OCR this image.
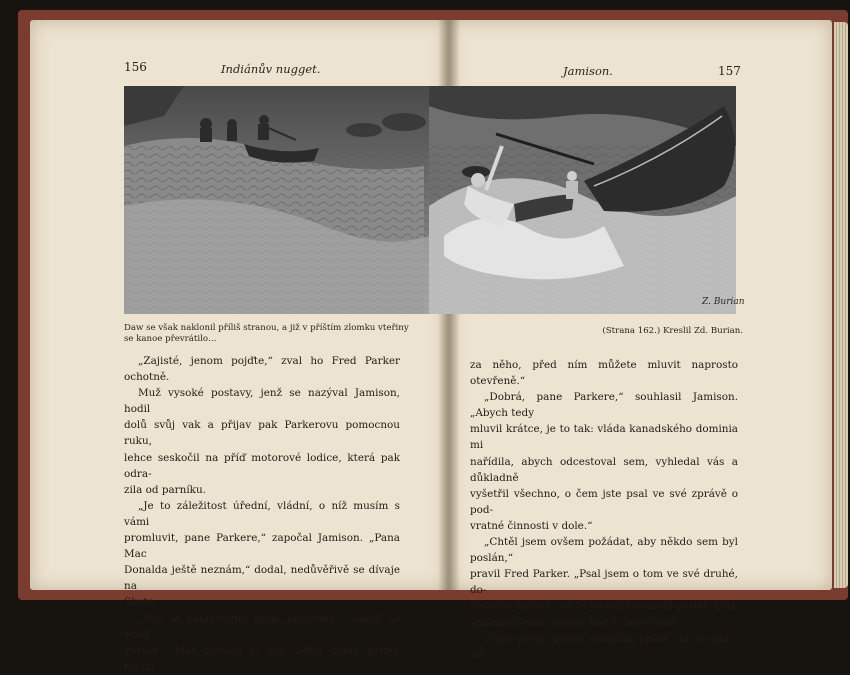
156	Indiánův nugget.	Jamison.	157
Z. Burian
Daw se však naklonil příliš stranou, a již v příštím zlomku vteřiny
se kanoe převrátilo…
(Strana 162.) Kreslil Zd. Burian.

„Zajisté, jenom pojďte,“ zval ho Fred Parker ochotně.

Muž vysoké postavy, jenž se nazýval Jamison, hodil

dolů svůj vak a přijav pak Parkerovu pomocnou ruku,

lehce seskočil na příď motorové lodice, která pak odra-

zila od parníku.

„Je to záležitost úřední, vládní, o níž musím s vámi

promluvit, pane Parkere,“ započal Jamison. „Pana Mac

Donalda ještě neznám,“ dodal, nedůvěřivě se dívaje na

Skota.

„Nic se neobávejte, pane Jamisone,“ usmál se Fred

Parker. „Mac Donald je můj velmi dobrý přítel, ručím

za něho, před ním můžete mluvit naprosto otevřeně.“

„Dobrá, pane Parkere,“ souhlasil Jamison. „Abych tedy

mluvil krátce, je to tak: vláda kanadského dominia mi

nařídila, abych odcestoval sem, vyhledal vás a důkladně

vyšetřil všechno, o čem jste psal ve své zprávě o pod-

vratné činnosti v dole.“

„Chtěl jsem ovšem požádat, aby někdo sem byl poslán,“

pravil Fred Parker. „Psal jsem o tom ve své druhé, do-

datečné zprávě, ale tu jsem již nemohl poslat, byla

spálena v mém srubu, který shořel celý.“

„Vaše první zpráva postačila úplně, jak se zdá,“ od-
